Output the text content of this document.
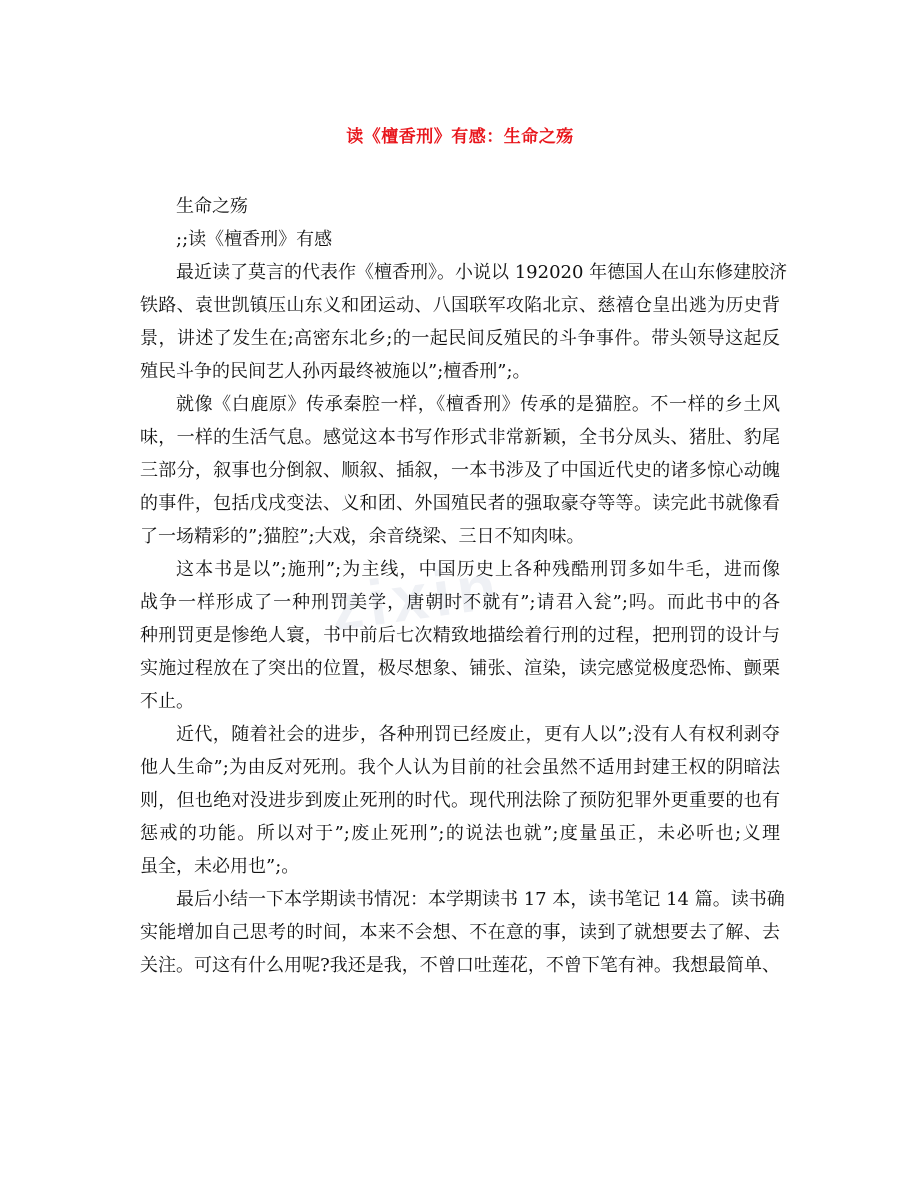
zixin
读《檀香刑》有感：生命之殇
生命之殇
;;读《檀香刑》有感
最近读了莫言的代表作《檀香刑》。小说以 192020 年德国人在山东修建胶济
铁路、袁世凯镇压山东义和团运动、八国联军攻陷北京、慈禧仓皇出逃为历史背
景，讲述了发生在;高密东北乡;的一起民间反殖民的斗争事件。带头领导这起反
殖民斗争的民间艺人孙丙最终被施以”;檀香刑”;。
就像《白鹿原》传承秦腔一样，《檀香刑》传承的是猫腔。不一样的乡土风
味，一样的生活气息。感觉这本书写作形式非常新颖，全书分凤头、猪肚、豹尾
三部分，叙事也分倒叙、顺叙、插叙，一本书涉及了中国近代史的诸多惊心动魄
的事件，包括戊戌变法、义和团、外国殖民者的强取豪夺等等。读完此书就像看
了一场精彩的”;猫腔”;大戏，余音绕梁、三日不知肉味。
这本书是以”;施刑”;为主线，中国历史上各种残酷刑罚多如牛毛，进而像
战争一样形成了一种刑罚美学，唐朝时不就有”;请君入瓮”;吗。而此书中的各
种刑罚更是惨绝人寰，书中前后七次精致地描绘着行刑的过程，把刑罚的设计与
实施过程放在了突出的位置，极尽想象、铺张、渲染，读完感觉极度恐怖、颤栗
不止。
近代，随着社会的进步，各种刑罚已经废止，更有人以”;没有人有权利剥夺
他人生命”;为由反对死刑。我个人认为目前的社会虽然不适用封建王权的阴暗法
则，但也绝对没进步到废止死刑的时代。现代刑法除了预防犯罪外更重要的也有
惩戒的功能。所以对于”;废止死刑”;的说法也就”;度量虽正，未必听也;义理
虽全，未必用也”;。
最后小结一下本学期读书情况：本学期读书 17 本，读书笔记 14 篇。读书确
实能增加自己思考的时间，本来不会想、不在意的事，读到了就想要去了解、去
关注。可这有什么用呢?我还是我，不曾口吐莲花，不曾下笔有神。我想最简单、
